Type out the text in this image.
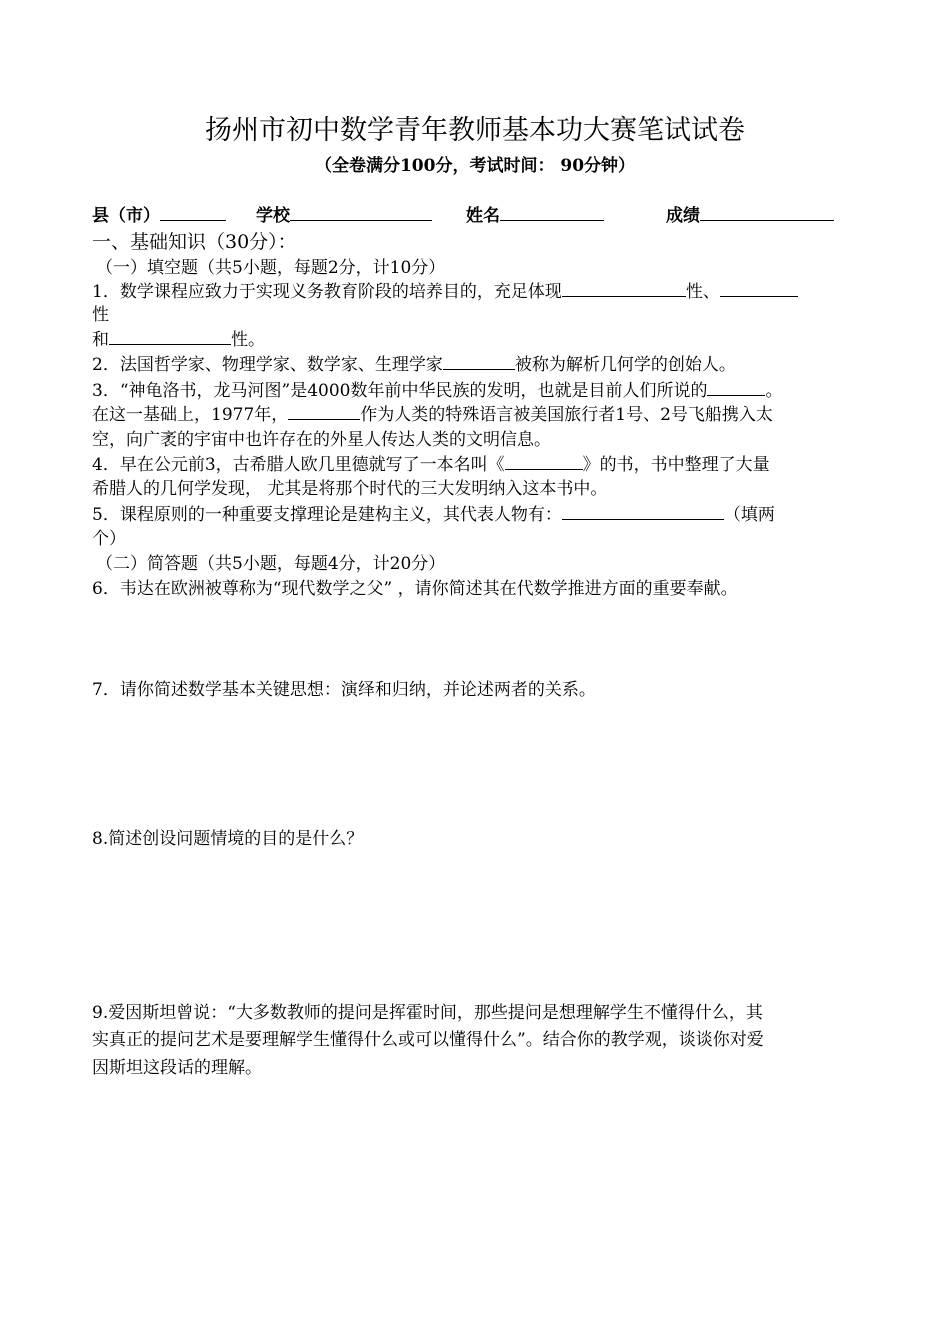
扬州市初中数学青年教师基本功大赛笔试试卷
（全卷满分100分，考试时间： 90分钟）
县（市）	学校	姓名	成绩
一、基础知识（30分）：
（一）填空题（共5小题，每题2分，计10分）
1．数学课程应致力于实现义务教育阶段的培养目的，充足体现	性、
性
和	性。
2．法国哲学家、物理学家、数学家、生理学家	被称为解析几何学的创始人。
3．“神龟洛书，龙马河图”是4000数年前中华民族的发明，也就是目前人们所说的	。
在这一基础上，1977年，	作为人类的特殊语言被美国旅行者1号、2号飞船携入太
空，向广袤的宇宙中也许存在的外星人传达人类的文明信息。
4．早在公元前3，古希腊人欧几里德就写了一本名叫《	》的书，书中整理了大量
希腊人的几何学发现， 尤其是将那个时代的三大发明纳入这本书中。
5．课程原则的一种重要支撑理论是建构主义，其代表人物有：	（填两
个）
（二）简答题（共5小题，每题4分，计20分）
6．韦达在欧洲被尊称为“现代数学之父” ，请你简述其在代数学推进方面的重要奉献。
7．请你简述数学基本关键思想：演绎和归纳，并论述两者的关系。
8.简述创设问题情境的目的是什么？
9.爱因斯坦曾说：“大多数教师的提问是挥霍时间，那些提问是想理解学生不懂得什么，其
实真正的提问艺术是要理解学生懂得什么或可以懂得什么”。结合你的教学观，谈谈你对爱
因斯坦这段话的理解。
